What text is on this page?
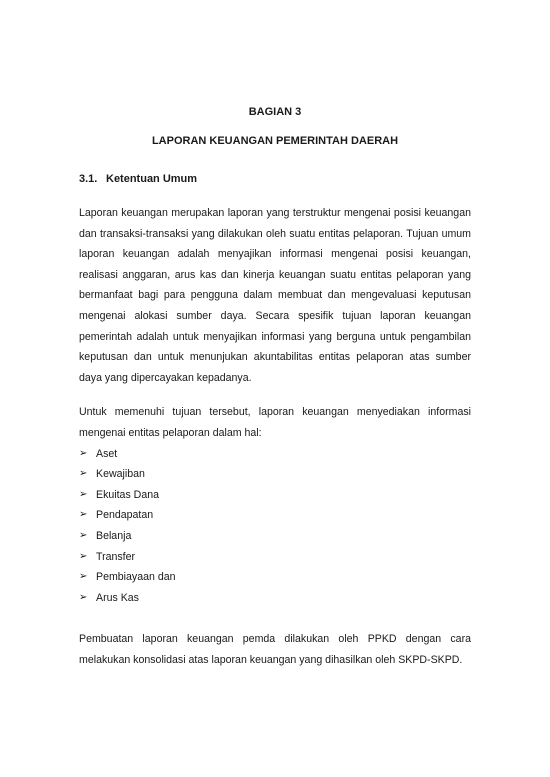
BAGIAN 3

LAPORAN KEUANGAN PEMERINTAH DAERAH

3.1. Ketentuan Umum

Laporan keuangan merupakan laporan yang terstruktur mengenai posisi keuangan dan transaksi-transaksi yang dilakukan oleh suatu entitas pelaporan. Tujuan umum laporan keuangan adalah menyajikan informasi mengenai posisi keuangan, realisasi anggaran, arus kas dan kinerja keuangan suatu entitas pelaporan yang bermanfaat bagi para pengguna dalam membuat dan mengevaluasi keputusan mengenai alokasi sumber daya. Secara spesifik tujuan laporan keuangan pemerintah adalah untuk menyajikan informasi yang berguna untuk pengambilan keputusan dan untuk menunjukan akuntabilitas entitas pelaporan atas sumber daya yang dipercayakan kepadanya.

Untuk memenuhi tujuan tersebut, laporan keuangan menyediakan informasi mengenai entitas pelaporan dalam hal:

➢ Aset
➢ Kewajiban
➢ Ekuitas Dana
➢ Pendapatan
➢ Belanja
➢ Transfer
➢ Pembiayaan dan
➢ Arus Kas

Pembuatan laporan keuangan pemda dilakukan oleh PPKD dengan cara melakukan konsolidasi atas laporan keuangan yang dihasilkan oleh SKPD-SKPD.
